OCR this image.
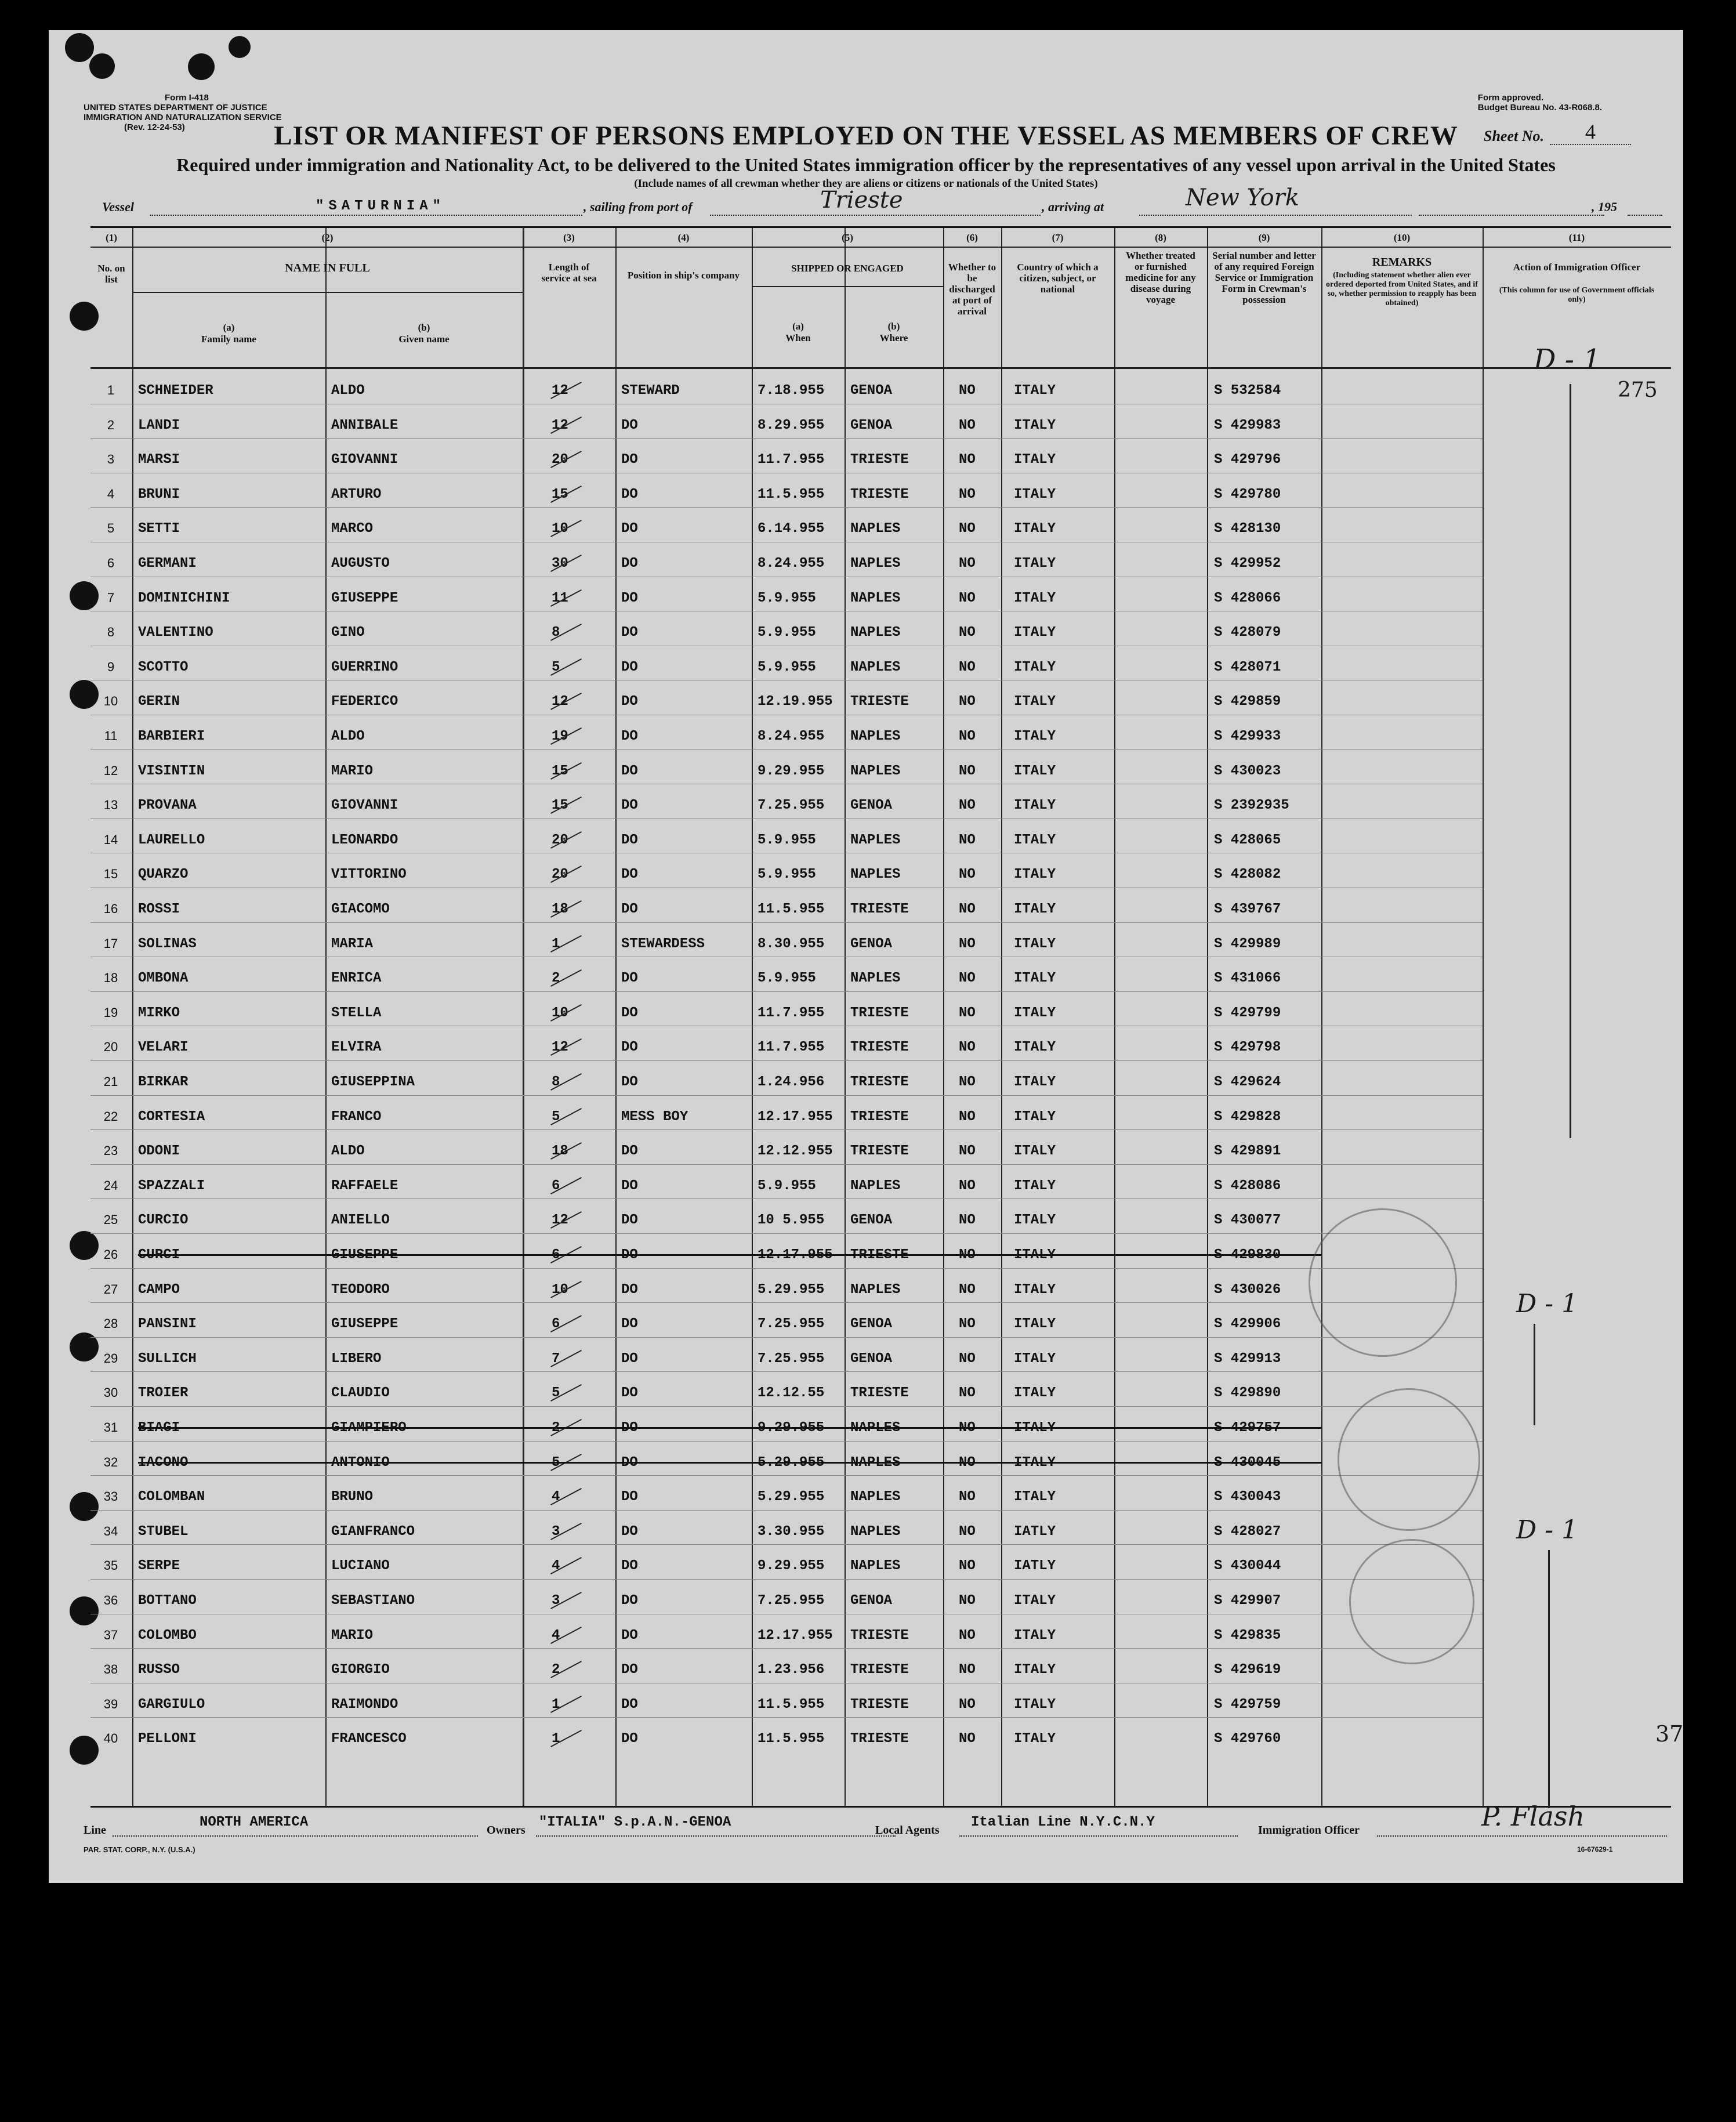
Form I-418
UNITED STATES DEPARTMENT OF JUSTICE
IMMIGRATION AND NATURALIZATION SERVICE
(Rev. 12-24-53)
Form approved.
Budget Bureau No. 43-R068.8.
LIST OR MANIFEST OF PERSONS EMPLOYED ON THE VESSEL AS MEMBERS OF CREW	Sheet No.	4
Required under immigration and Nationality Act, to be delivered to the United States immigration officer by the representatives of any vessel upon arrival in the United States
(Include names of all crewman whether they are aliens or citizens or nationals of the United States)
Vessel	"SATURNIA"	, sailing from port of	Trieste	, arriving at	New York	, 195
(1)
No. on list
(2)
NAME IN FULL
(a)
Family name
(b)
Given name
(3)
Length of service at sea
(4)
Position in ship's company
(5)
SHIPPED OR ENGAGED
(a)
When
(b)
Where
(6)
Whether to be discharged at port of arrival
(7)
Country of which a citizen, subject, or national
(8)
Whether treated or furnished medicine for any disease during voyage
(9)
Serial number and letter of any required Foreign Service or Immigration Form in Crewman's possession
(10)
REMARKS
(Including statement whether alien ever ordered deported from United States, and if so, whether permission to reapply has been obtained)
(11)
Action of Immigration Officer
(This column for use of Government officials only)
1	SCHNEIDER	ALDO	12	STEWARD	7.18.955 GENOA	NO	ITALY	S 532584
2	LANDI	ANNIBALE	12	DO	8.29.955 GENOA	NO	ITALY	S 429983
3	MARSI	GIOVANNI	20	DO	11.7.955 TRIESTE	NO	ITALY	S 429796
4	BRUNI	ARTURO	15	DO	11.5.955 TRIESTE	NO	ITALY	S 429780
5	SETTI	MARCO	10	DO	6.14.955 NAPLES	NO	ITALY	S 428130
6	GERMANI	AUGUSTO	30	DO	8.24.955 NAPLES	NO	ITALY	S 429952
7	DOMINICHINI	GIUSEPPE	11	DO	5.9.955 NAPLES	NO	ITALY	S 428066
8	VALENTINO	GINO	8	DO	5.9.955 NAPLES	NO	ITALY	S 428079
9	SCOTTO	GUERRINO	5	DO	5.9.955 NAPLES	NO	ITALY	S 428071
10	GERIN	FEDERICO	12	DO	12.19.955 TRIESTE	NO	ITALY	S 429859
11	BARBIERI	ALDO	19	DO	8.24.955 NAPLES	NO	ITALY	S 429933
12	VISINTIN	MARIO	15	DO	9.29.955 NAPLES	NO	ITALY	S 430023
13	PROVANA	GIOVANNI	15	DO	7.25.955 GENOA	NO	ITALY	S 2392935
14	LAURELLO	LEONARDO	20	DO	5.9.955 NAPLES	NO	ITALY	S 428065
15	QUARZO	VITTORINO	20	DO	5.9.955 NAPLES	NO	ITALY	S 428082
16	ROSSI	GIACOMO	18	DO	11.5.955 TRIESTE	NO	ITALY	S 439767
17	SOLINAS	MARIA	1	STEWARDESS	8.30.955 GENOA	NO	ITALY	S 429989
18	OMBONA	ENRICA	2	DO	5.9.955 NAPLES	NO	ITALY	S 431066
19	MIRKO	STELLA	10	DO	11.7.955 TRIESTE	NO	ITALY	S 429799
20	VELARI	ELVIRA	12	DO	11.7.955 TRIESTE	NO	ITALY	S 429798
21	BIRKAR	GIUSEPPINA	8	DO	1.24.956 TRIESTE	NO	ITALY	S 429624
22	CORTESIA	FRANCO	5	MESS BOY	12.17.955 TRIESTE	NO	ITALY	S 429828
23	ODONI	ALDO	18	DO	12.12.955 TRIESTE	NO	ITALY	S 429891
24	SPAZZALI	RAFFAELE	6	DO	5.9.955 NAPLES	NO	ITALY	S 428086
25	CURCIO	ANIELLO	12	DO	10 5.955 GENOA	NO	ITALY	S 430077
26	CURCI	GIUSEPPE	6	DO	12.17.955 TRIESTE	NO	ITALY	S 429830
27	CAMPO	TEODORO	10	DO	5.29.955 NAPLES	NO	ITALY	S 430026
28	PANSINI	GIUSEPPE	6	DO	7.25.955 GENOA	NO	ITALY	S 429906
29	SULLICH	LIBERO	7	DO	7.25.955 GENOA	NO	ITALY	S 429913
30	TROIER	CLAUDIO	5	DO	12.12.55 TRIESTE	NO	ITALY	S 429890
31	BIAGI	GIAMPIERO	2	DO	9.29.955 NAPLES	NO	ITALY	S 429757
32	IACONO	ANTONIO	5	DO	5.29.955 NAPLES	NO	ITALY	S 430045
33	COLOMBAN	BRUNO	4	DO	5.29.955 NAPLES	NO	ITALY	S 430043
34	STUBEL	GIANFRANCO	3	DO	3.30.955 NAPLES	NO	IATLY	S 428027
35	SERPE	LUCIANO	4	DO	9.29.955 NAPLES	NO	IATLY	S 430044
36	BOTTANO	SEBASTIANO	3	DO	7.25.955 GENOA	NO	ITALY	S 429907
37	COLOMBO	MARIO	4	DO	12.17.955 TRIESTE	NO	ITALY	S 429835
38	RUSSO	GIORGIO	2	DO	1.23.956 TRIESTE	NO	ITALY	S 429619
39	GARGIULO	RAIMONDO	1	DO	11.5.955 TRIESTE	NO	ITALY	S 429759
40	PELLONI	FRANCESCO	1	DO	11.5.955 TRIESTE	NO	ITALY	S 429760
D - 1
275
D - 1
D - 1
37
Line	NORTH AMERICA	Owners "ITALIA" S.p.A.N.-GENOA	Local Agents Italian Line N.Y.C.N.Y	Immigration Officer	P. Flash
PAR. STAT. CORP., N.Y. (U.S.A.)	16-67629-1
